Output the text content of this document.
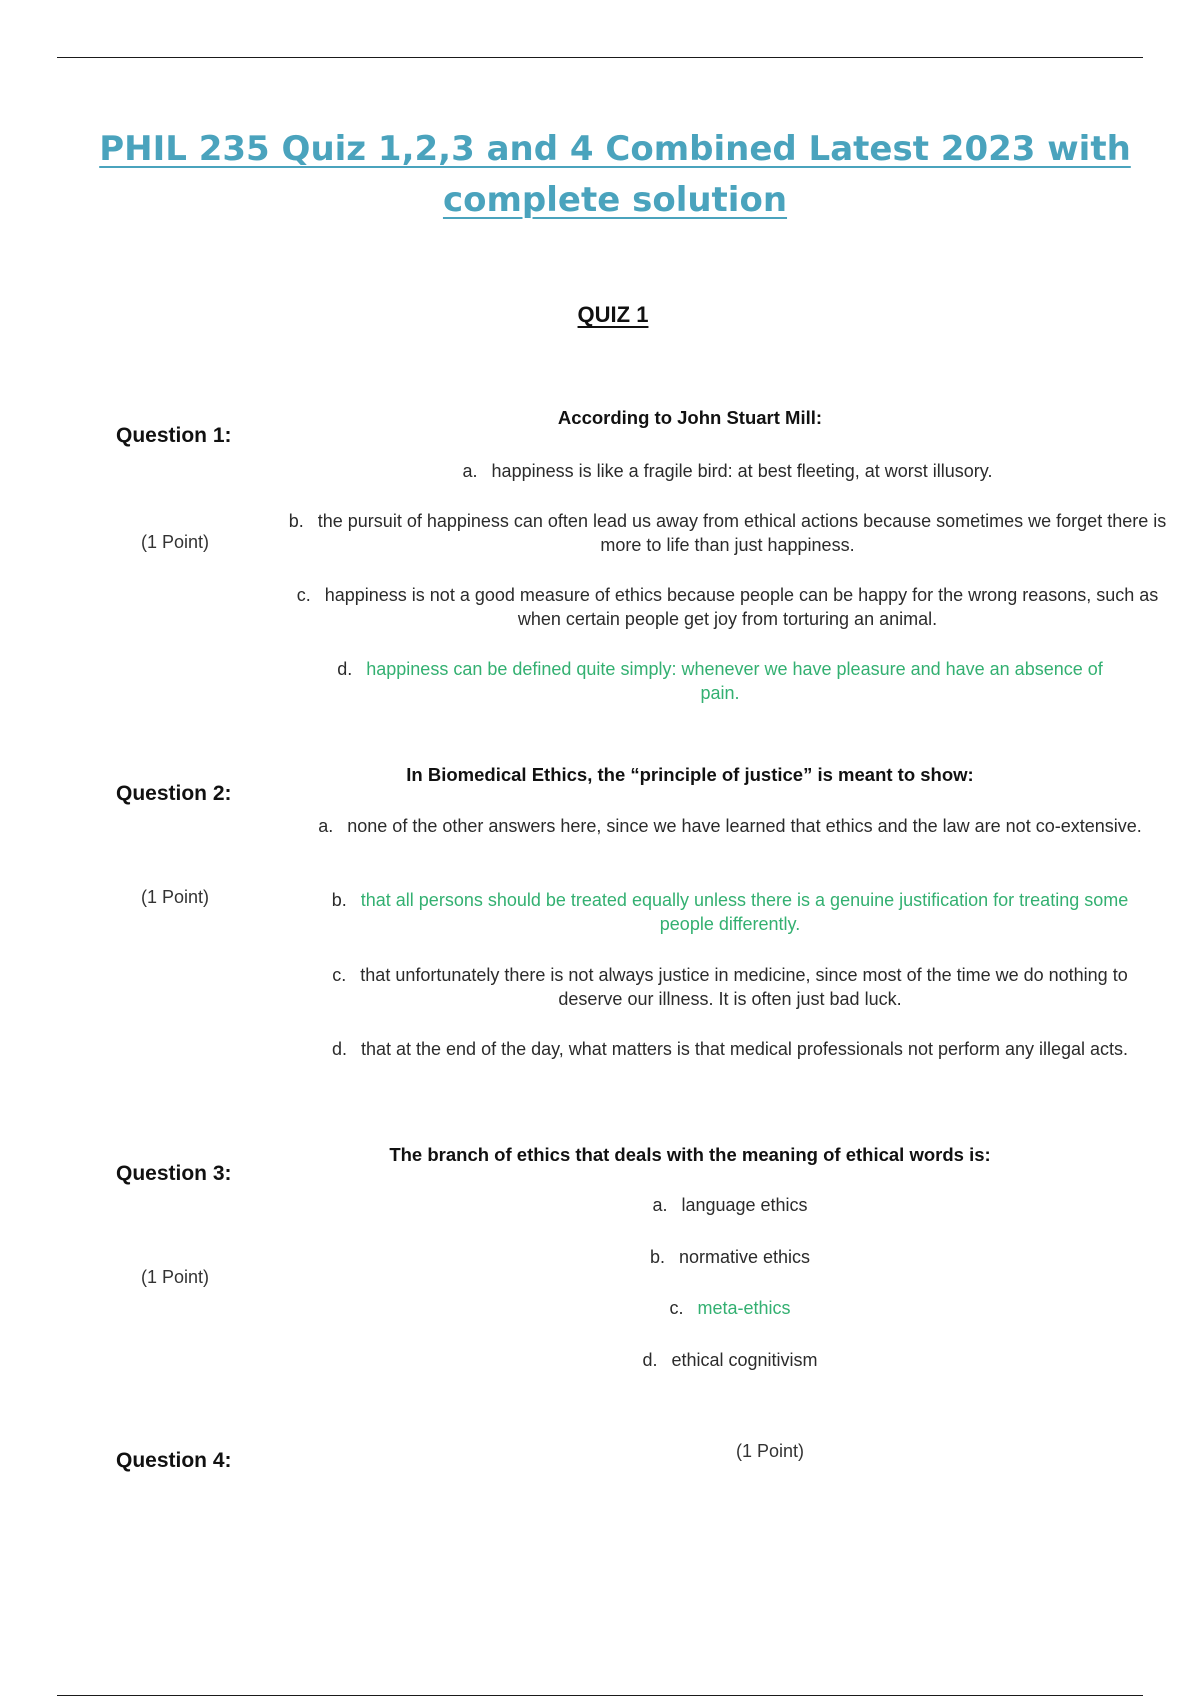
PHIL 235 Quiz 1,2,3 and 4 Combined Latest 2023 with complete solution
QUIZ 1
According to John Stuart Mill:
Question 1:
a. happiness is like a fragile bird: at best fleeting, at worst illusory.
(1 Point)
b. the pursuit of happiness can often lead us away from ethical actions because sometimes we forget there is more to life than just happiness.
c. happiness is not a good measure of ethics because people can be happy for the wrong reasons, such as when certain people get joy from torturing an animal.
d. happiness can be defined quite simply: whenever we have pleasure and have an absence of pain.
In Biomedical Ethics, the “principle of justice” is meant to show:
Question 2:
a. none of the other answers here, since we have learned that ethics and the law are not co-extensive.
(1 Point)	b. that all persons should be treated equally unless there is a genuine justification for treating some people differently.
c. that unfortunately there is not always justice in medicine, since most of the time we do nothing to deserve our illness. It is often just bad luck.
d. that at the end of the day, what matters is that medical professionals not perform any illegal acts.
The branch of ethics that deals with the meaning of ethical words is:
Question 3:
a. language ethics
b. normative ethics
(1 Point)
c. meta-ethics
d. ethical cognitivism
(1 Point)
Question 4:
